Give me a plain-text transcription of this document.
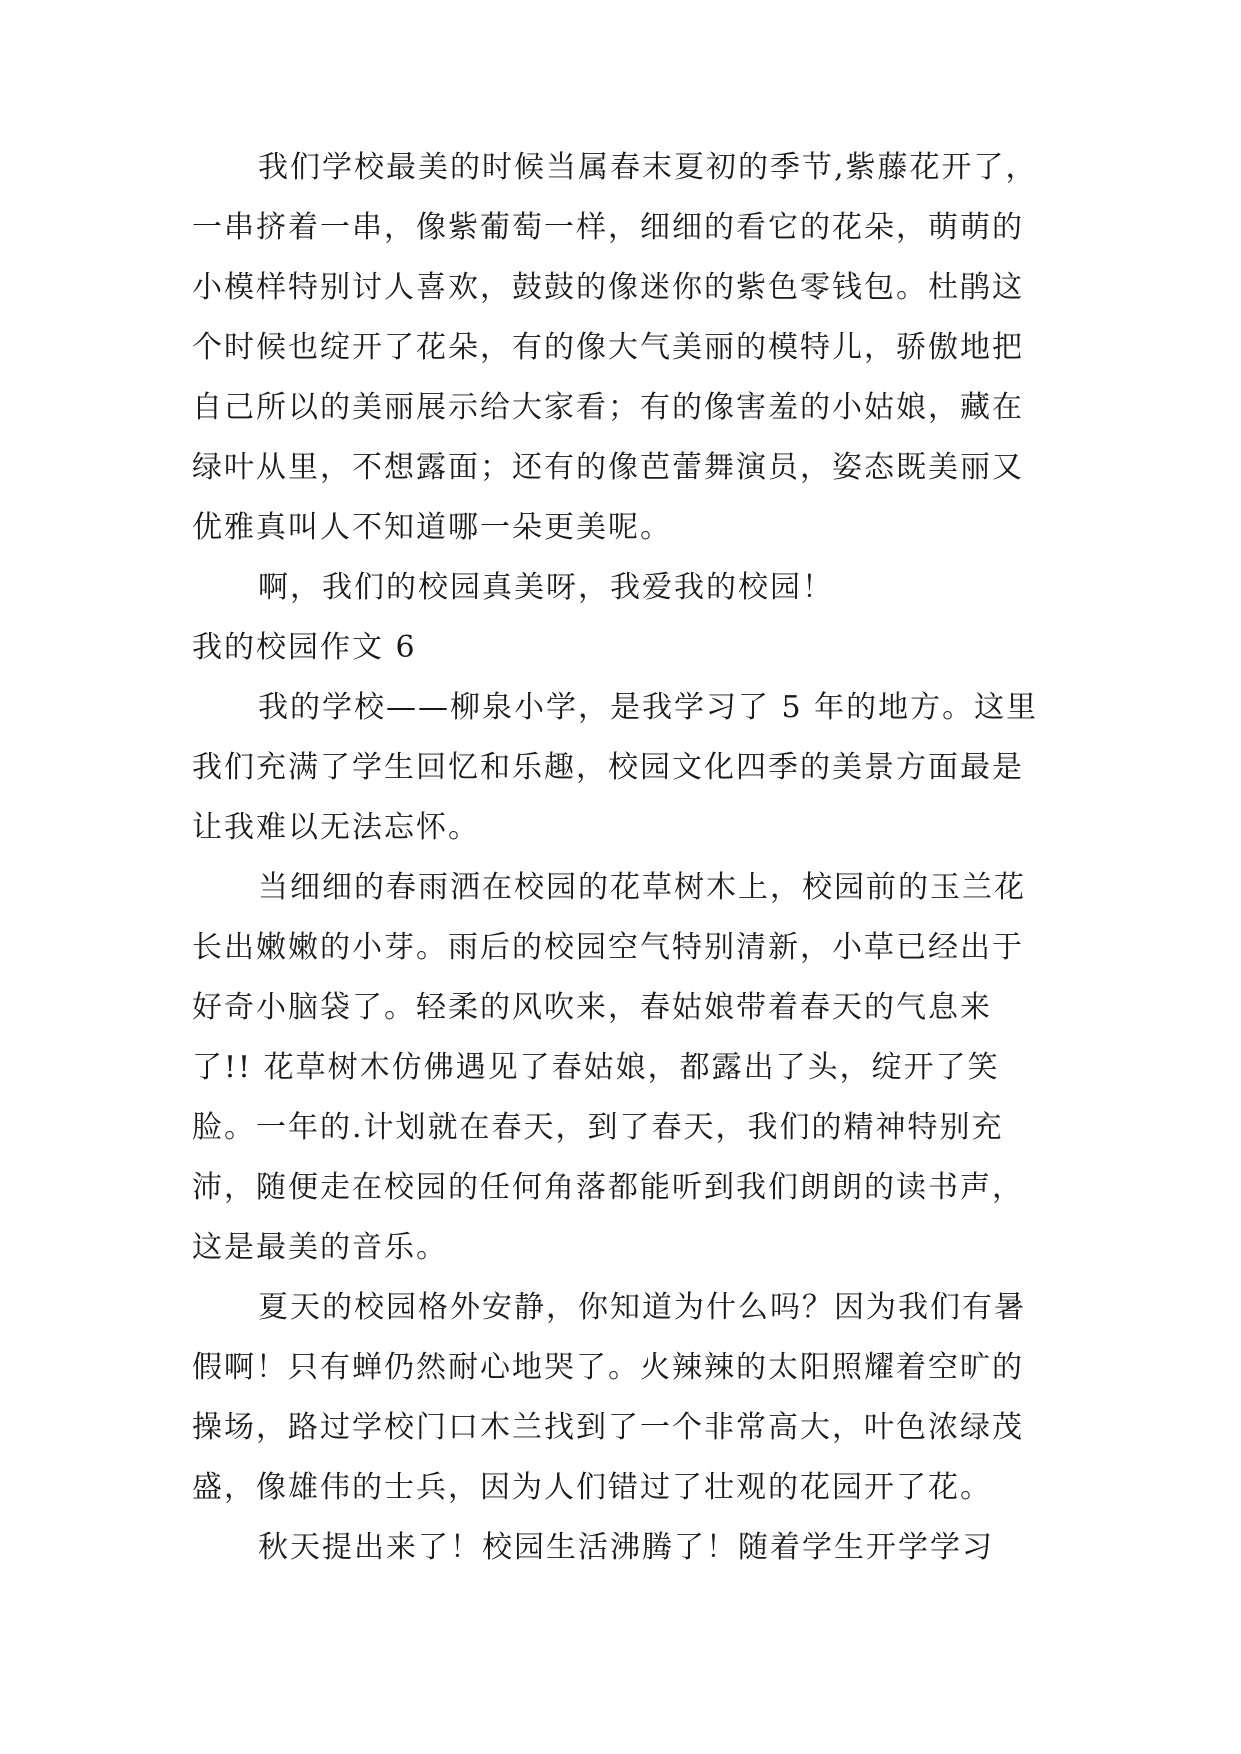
我们学校最美的时候当属春末夏初的季节,紫藤花开了，
一串挤着一串，像紫葡萄一样，细细的看它的花朵，萌萌的
小模样特别讨人喜欢，鼓鼓的像迷你的紫色零钱包。杜鹃这
个时候也绽开了花朵，有的像大气美丽的模特儿，骄傲地把
自己所以的美丽展示给大家看；有的像害羞的小姑娘，藏在
绿叶从里，不想露面；还有的像芭蕾舞演员，姿态既美丽又
优雅真叫人不知道哪一朵更美呢。
啊，我们的校园真美呀，我爱我的校园！
我的校园作文 6
我的学校——柳泉小学，是我学习了 5 年的地方。这里
我们充满了学生回忆和乐趣，校园文化四季的美景方面最是
让我难以无法忘怀。
当细细的春雨洒在校园的花草树木上，校园前的玉兰花
长出嫩嫩的小芽。雨后的校园空气特别清新，小草已经出于
好奇小脑袋了。轻柔的风吹来，春姑娘带着春天的气息来
了!! 花草树木仿佛遇见了春姑娘，都露出了头，绽开了笑
脸。一年的.计划就在春天，到了春天，我们的精神特别充
沛，随便走在校园的任何角落都能听到我们朗朗的读书声，
这是最美的音乐。
夏天的校园格外安静，你知道为什么吗？因为我们有暑
假啊！只有蝉仍然耐心地哭了。火辣辣的太阳照耀着空旷的
操场，路过学校门口木兰找到了一个非常高大，叶色浓绿茂
盛，像雄伟的士兵，因为人们错过了壮观的花园开了花。
秋天提出来了！校园生活沸腾了！随着学生开学学习
